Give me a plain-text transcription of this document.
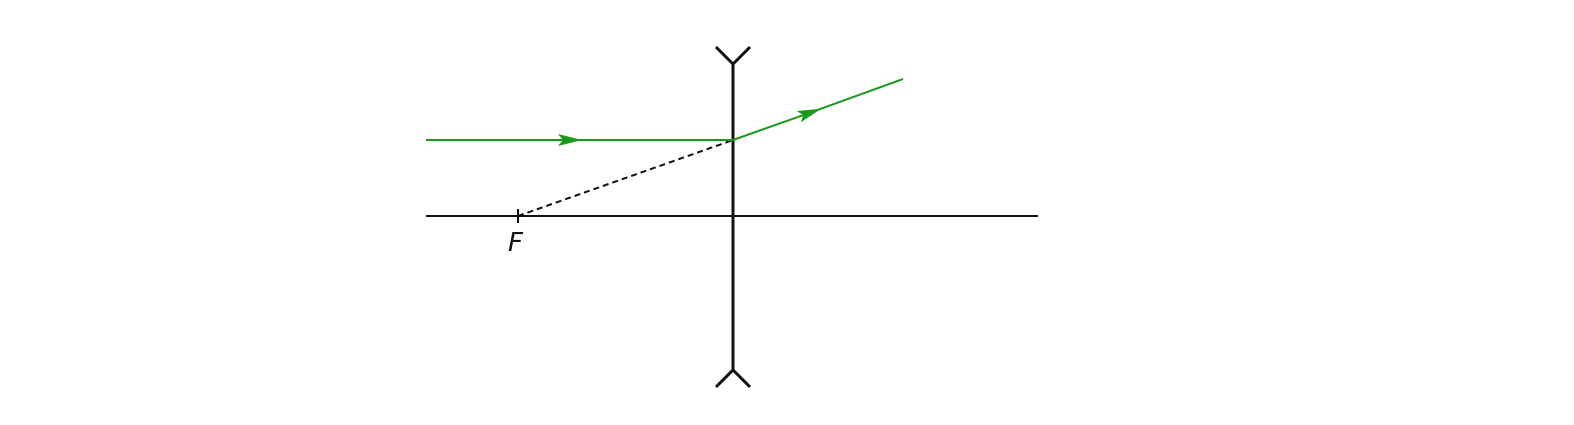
F
